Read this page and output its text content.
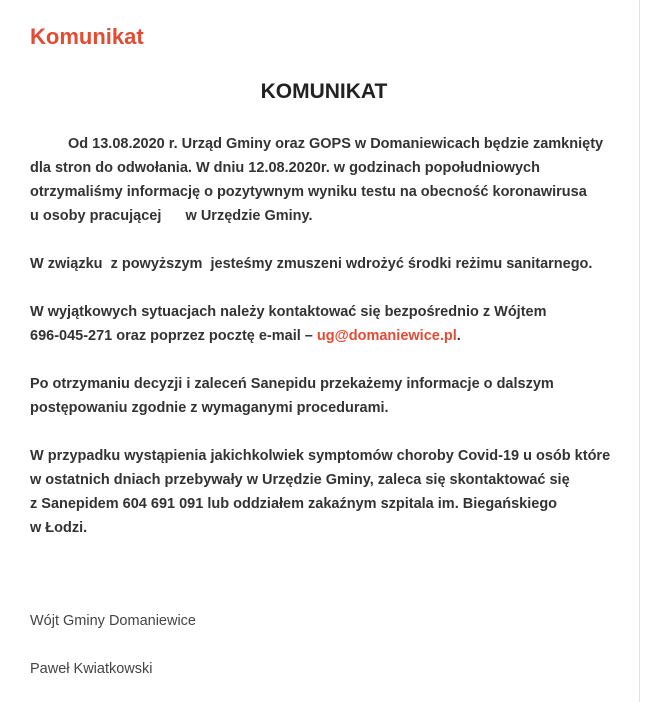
Komunikat
KOMUNIKAT

Od 13.08.2020 r. Urząd Gminy oraz GOPS w Domaniewicach będzie zamknięty
dla stron do odwołania. W dniu 12.08.2020r. w godzinach popołudniowych
otrzymaliśmy informację o pozytywnym wyniku testu na obecność koronawirusa
u osoby pracującej      w Urzędzie Gminy.

W związku  z powyższym  jesteśmy zmuszeni wdrożyć środki reżimu sanitarnego.

W wyjątkowych sytuacjach należy kontaktować się bezpośrednio z Wójtem
696-045-271 oraz poprzez pocztę e-mail – ug@domaniewice.pl.

Po otrzymaniu decyzji i zaleceń Sanepidu przekażemy informacje o dalszym
postępowaniu zgodnie z wymaganymi procedurami.

W przypadku wystąpienia jakichkolwiek symptomów choroby Covid-19 u osób które
w ostatnich dniach przebywały w Urzędzie Gminy, zaleca się skontaktować się
z Sanepidem 604 691 091 lub oddziałem zakaźnym szpitala im. Biegańskiego
w Łodzi.

Wójt Gminy Domaniewice

Paweł Kwiatkowski
